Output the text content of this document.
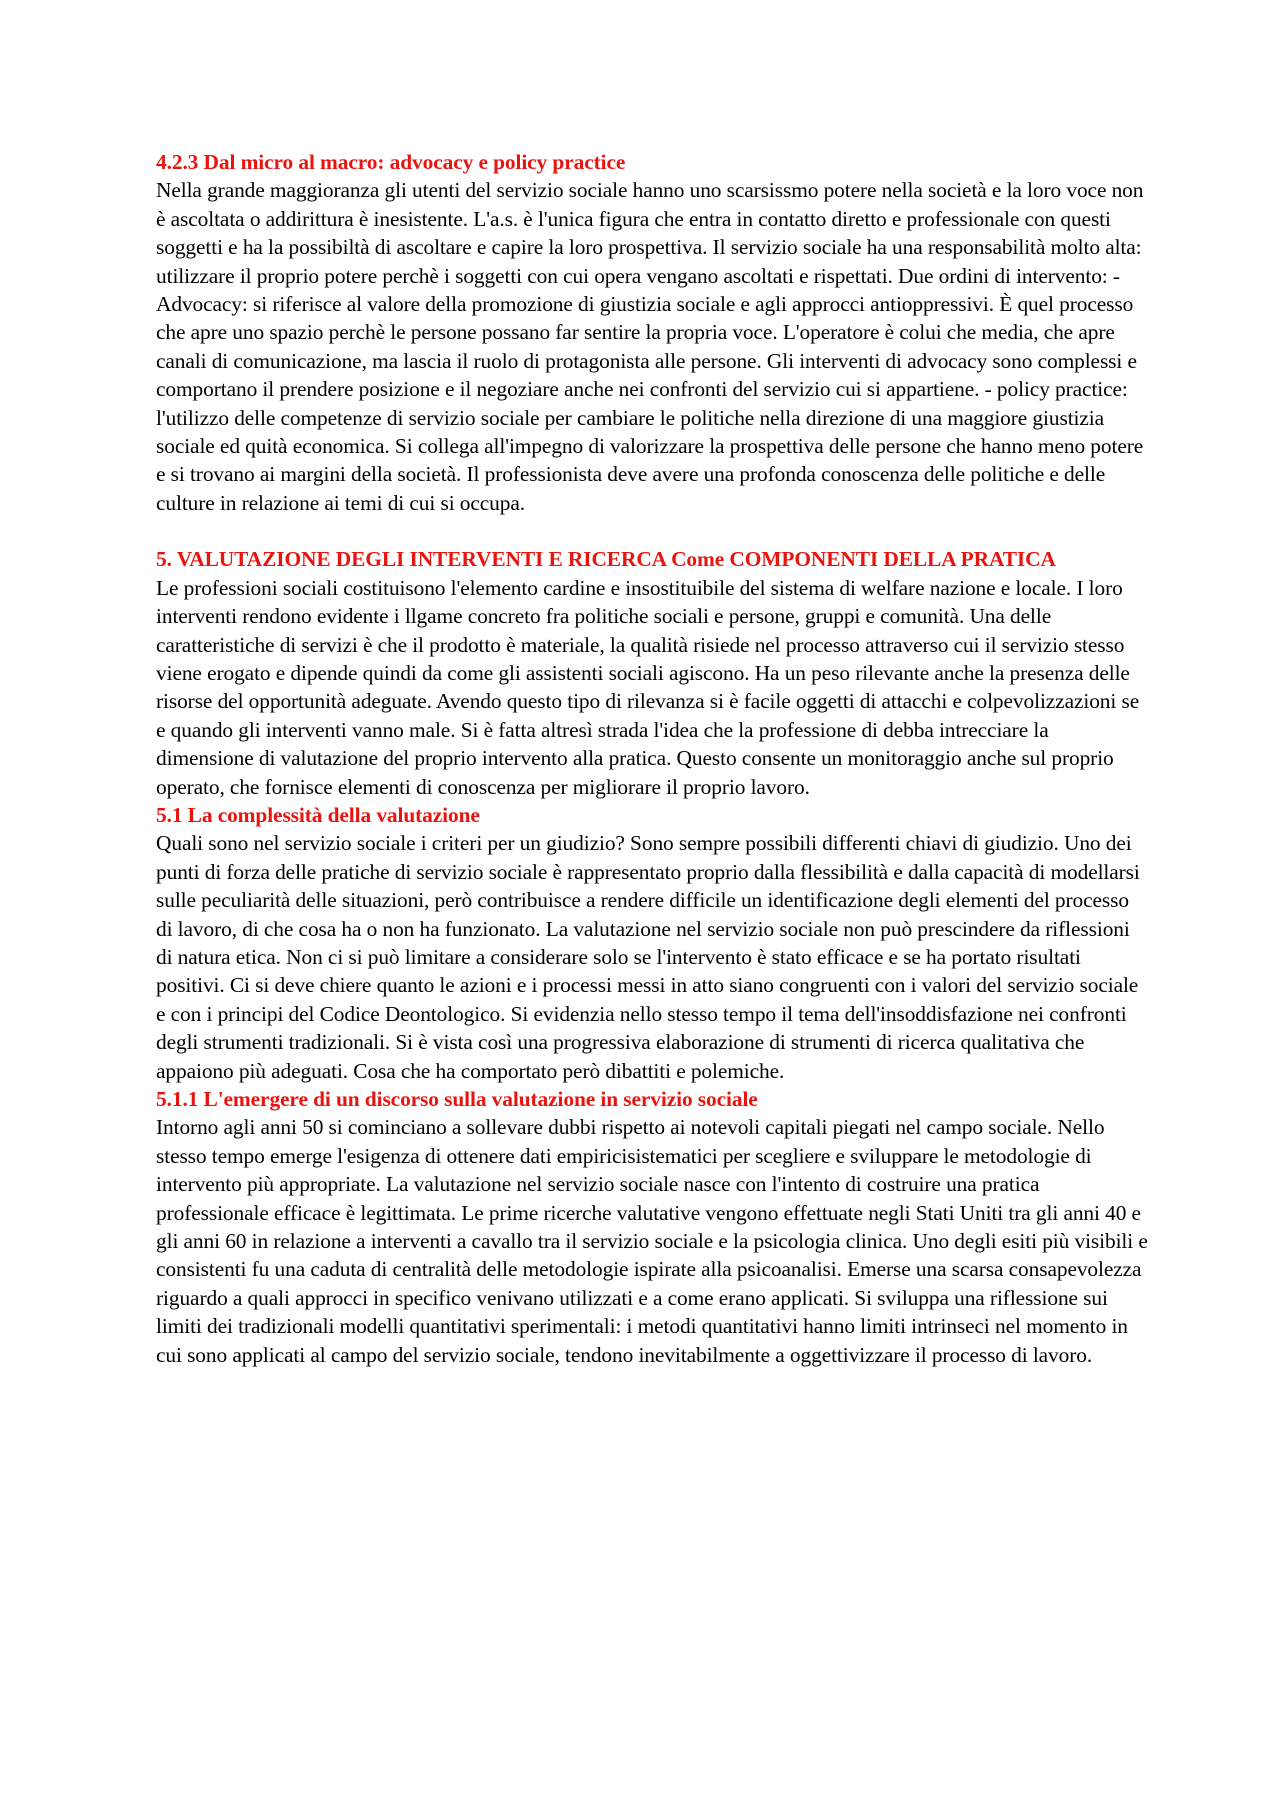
4.2.3 Dal micro al macro: advocacy e policy practice
Nella grande maggioranza gli utenti del servizio sociale hanno uno scarsissmo potere nella società e la loro voce non è ascoltata o addirittura è inesistente. L'a.s. è l'unica figura che entra in contatto diretto e professionale con questi soggetti e ha la possibiltà di ascoltare e capire la loro prospettiva. Il servizio sociale ha una responsabilità molto alta: utilizzare il proprio potere perchè i soggetti con cui opera vengano ascoltati e rispettati. Due ordini di intervento: - Advocacy: si riferisce al valore della promozione di giustizia sociale e agli approcci antioppressivi. È quel processo che apre uno spazio perchè le persone possano far sentire la propria voce. L'operatore è colui che media, che apre canali di comunicazione, ma lascia il ruolo di protagonista alle persone. Gli interventi di advocacy sono complessi e comportano il prendere posizione e il negoziare anche nei confronti del servizio cui si appartiene. - policy practice: l'utilizzo delle competenze di servizio sociale per cambiare le politiche nella direzione di una maggiore giustizia sociale ed quità economica. Si collega all'impegno di valorizzare la prospettiva delle persone che hanno meno potere e si trovano ai margini della società. Il professionista deve avere una profonda conoscenza delle politiche e delle culture in relazione ai temi di cui si occupa.
5. VALUTAZIONE DEGLI INTERVENTI E RICERCA Come COMPONENTI DELLA PRATICA
Le professioni sociali costituisono l'elemento cardine e insostituibile del sistema di welfare nazione e locale. I loro interventi rendono evidente i llgame concreto fra politiche sociali e persone, gruppi e comunità. Una delle caratteristiche di servizi è che il prodotto è materiale, la qualità risiede nel processo attraverso cui il servizio stesso viene erogato e dipende quindi da come gli assistenti sociali agiscono. Ha un peso rilevante anche la presenza delle risorse del opportunità adeguate. Avendo questo tipo di rilevanza si è facile oggetti di attacchi e colpevolizzazioni se e quando gli interventi vanno male. Si è fatta altresì strada l'idea che la professione di debba intrecciare la dimensione di valutazione del proprio intervento alla pratica. Questo consente un monitoraggio anche sul proprio operato, che fornisce elementi di conoscenza per migliorare il proprio lavoro.
5.1 La complessità della valutazione
Quali sono nel servizio sociale i criteri per un giudizio? Sono sempre possibili differenti chiavi di giudizio. Uno dei punti di forza delle pratiche di servizio sociale è rappresentato proprio dalla flessibilità e dalla capacità di modellarsi sulle peculiarità delle situazioni, però contribuisce a rendere difficile un identificazione degli elementi del processo di lavoro, di che cosa ha o non ha funzionato. La valutazione nel servizio sociale non può prescindere da riflessioni di natura etica. Non ci si può limitare a considerare solo se l'intervento è stato efficace e se ha portato risultati positivi. Ci si deve chiere quanto le azioni e i processi messi in atto siano congruenti con i valori del servizio sociale e con i principi del Codice Deontologico. Si evidenzia nello stesso tempo il tema dell'insoddisfazione nei confronti degli strumenti tradizionali. Si è vista così una progressiva elaborazione di strumenti di ricerca qualitativa che appaiono più adeguati. Cosa che ha comportato però dibattiti e polemiche.
5.1.1 L'emergere di un discorso sulla valutazione in servizio sociale
Intorno agli anni 50 si cominciano a sollevare dubbi rispetto ai notevoli capitali piegati nel campo sociale. Nello stesso tempo emerge l'esigenza di ottenere dati empiricisistematici per scegliere e sviluppare le metodologie di intervento più appropriate. La valutazione nel servizio sociale nasce con l'intento di costruire una pratica professionale efficace è legittimata. Le prime ricerche valutative vengono effettuate negli Stati Uniti tra gli anni 40 e gli anni 60 in relazione a interventi a cavallo tra il servizio sociale e la psicologia clinica. Uno degli esiti più visibili e consistenti fu una caduta di centralità delle metodologie ispirate alla psicoanalisi. Emerse una scarsa consapevolezza riguardo a quali approcci in specifico venivano utilizzati e a come erano applicati. Si sviluppa una riflessione sui limiti dei tradizionali modelli quantitativi sperimentali: i metodi quantitativi hanno limiti intrinseci nel momento in cui sono applicati al campo del servizio sociale, tendono inevitabilmente a oggettivizzare il processo di lavoro.
